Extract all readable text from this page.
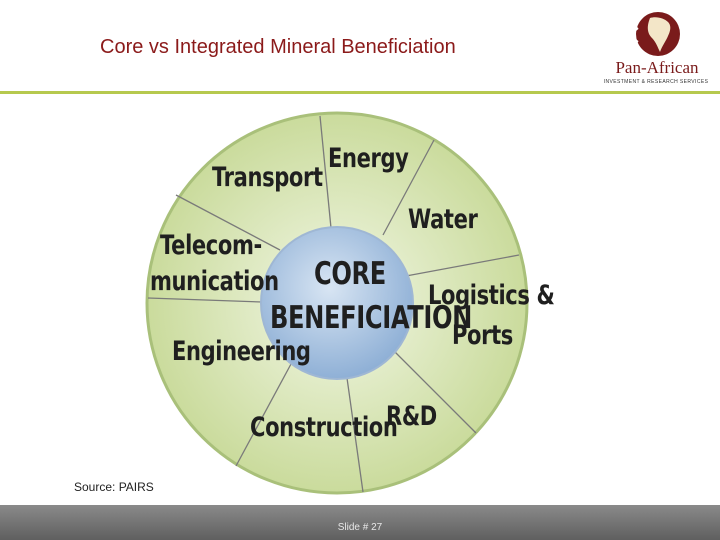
Core vs Integrated Mineral Beneficiation
Pan-African
INVESTMENT & RESEARCH SERVICES
Energy
Transport
Water
Telecom-
munication CORE
BENEFICIATION
Logistics &
Ports
Engineering
Construction
R&D
Source: PAIRS
Slide # 27
